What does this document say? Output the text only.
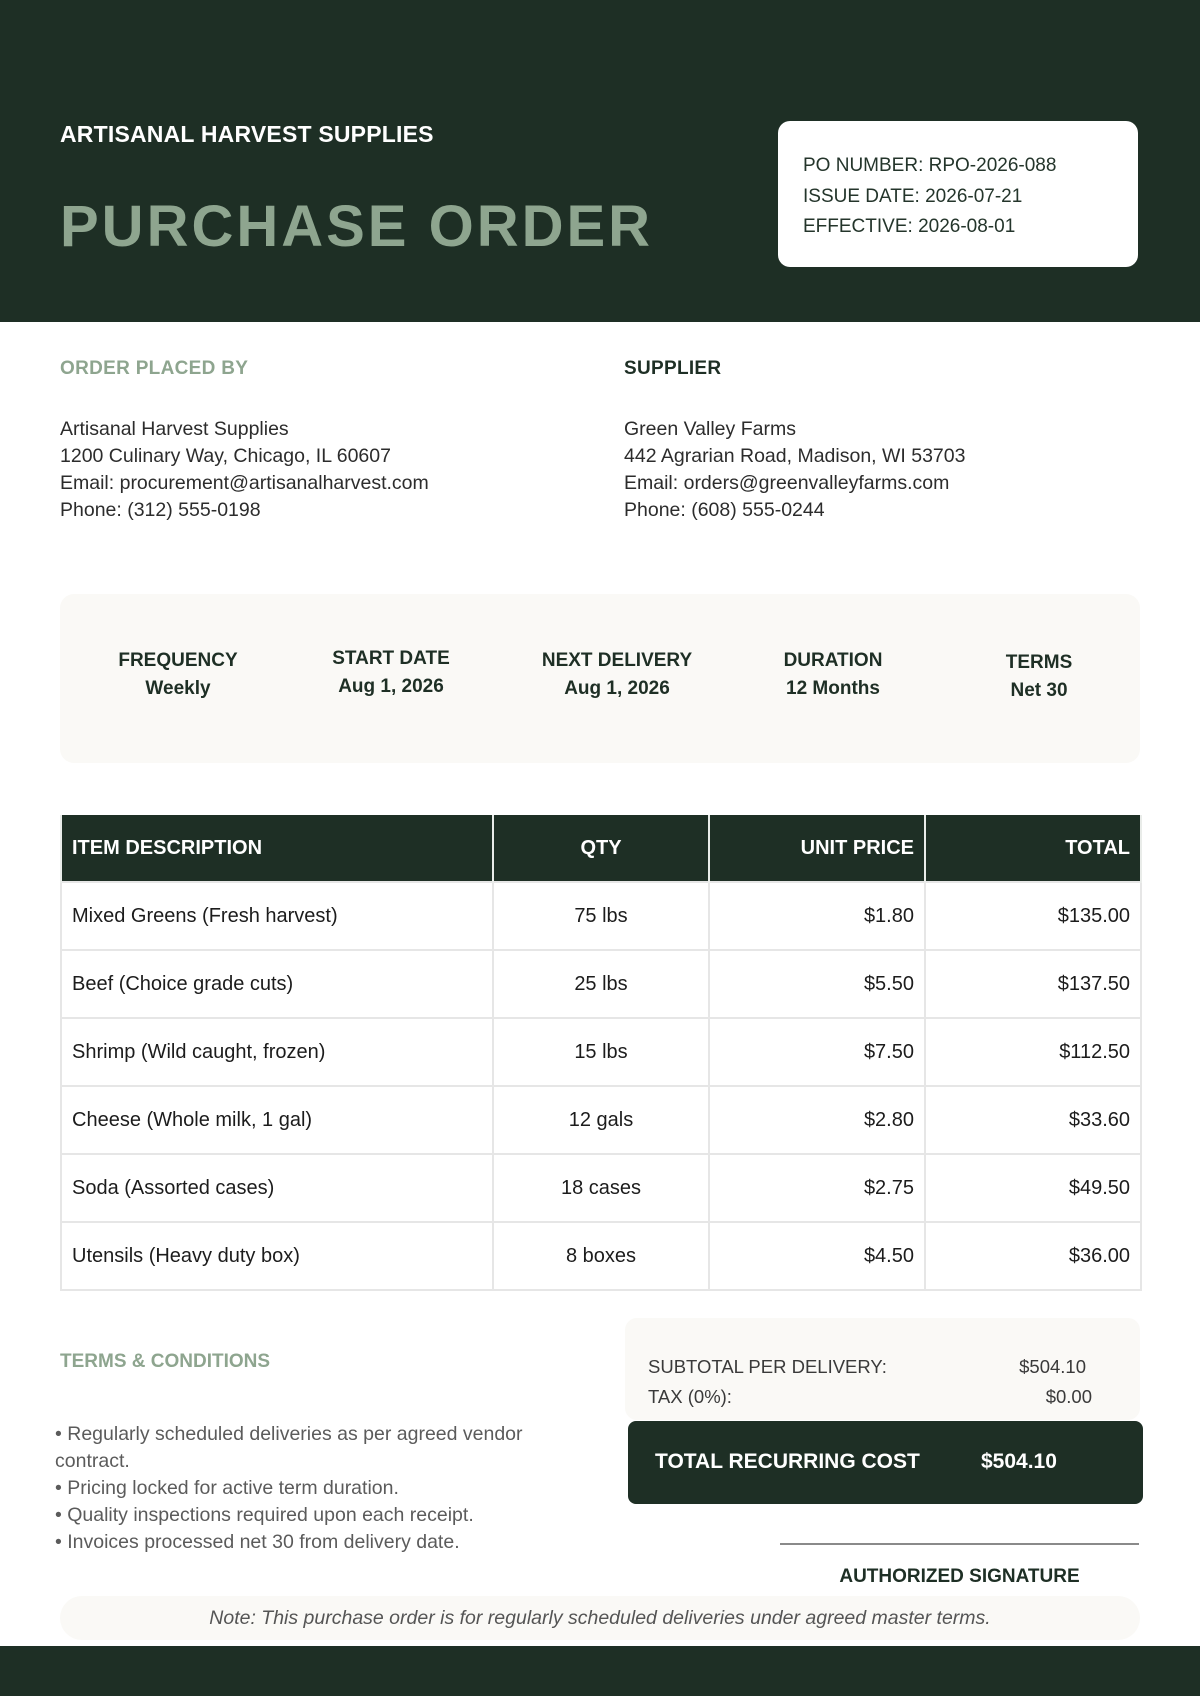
ARTISANAL HARVEST SUPPLIES
PURCHASE ORDER
PO NUMBER: RPO-2026-088
ISSUE DATE: 2026-07-21
EFFECTIVE: 2026-08-01
ORDER PLACED BY
Artisanal Harvest Supplies
1200 Culinary Way, Chicago, IL 60607
Email: procurement@artisanalharvest.com
Phone: (312) 555-0198
SUPPLIER
Green Valley Farms
442 Agrarian Road, Madison, WI 53703
Email: orders@greenvalleyfarms.com
Phone: (608) 555-0244
FREQUENCY
Weekly
START DATE
Aug 1, 2026
NEXT DELIVERY
Aug 1, 2026
DURATION
12 Months
TERMS
Net 30
ITEM DESCRIPTION	QTY	UNIT PRICE	TOTAL
Mixed Greens (Fresh harvest)	75 lbs	$1.80	$135.00
Beef (Choice grade cuts)	25 lbs	$5.50	$137.50
Shrimp (Wild caught, frozen)	15 lbs	$7.50	$112.50
Cheese (Whole milk, 1 gal)	12 gals	$2.80	$33.60
Soda (Assorted cases)	18 cases	$2.75	$49.50
Utensils (Heavy duty box)	8 boxes	$4.50	$36.00
TERMS & CONDITIONS
• Regularly scheduled deliveries as per agreed vendor contract.
• Pricing locked for active term duration.
• Quality inspections required upon each receipt.
• Invoices processed net 30 from delivery date.
SUBTOTAL PER DELIVERY:	$504.10
TAX (0%):	$0.00
TOTAL RECURRING COST	$504.10
AUTHORIZED SIGNATURE
Note: This purchase order is for regularly scheduled deliveries under agreed master terms.
